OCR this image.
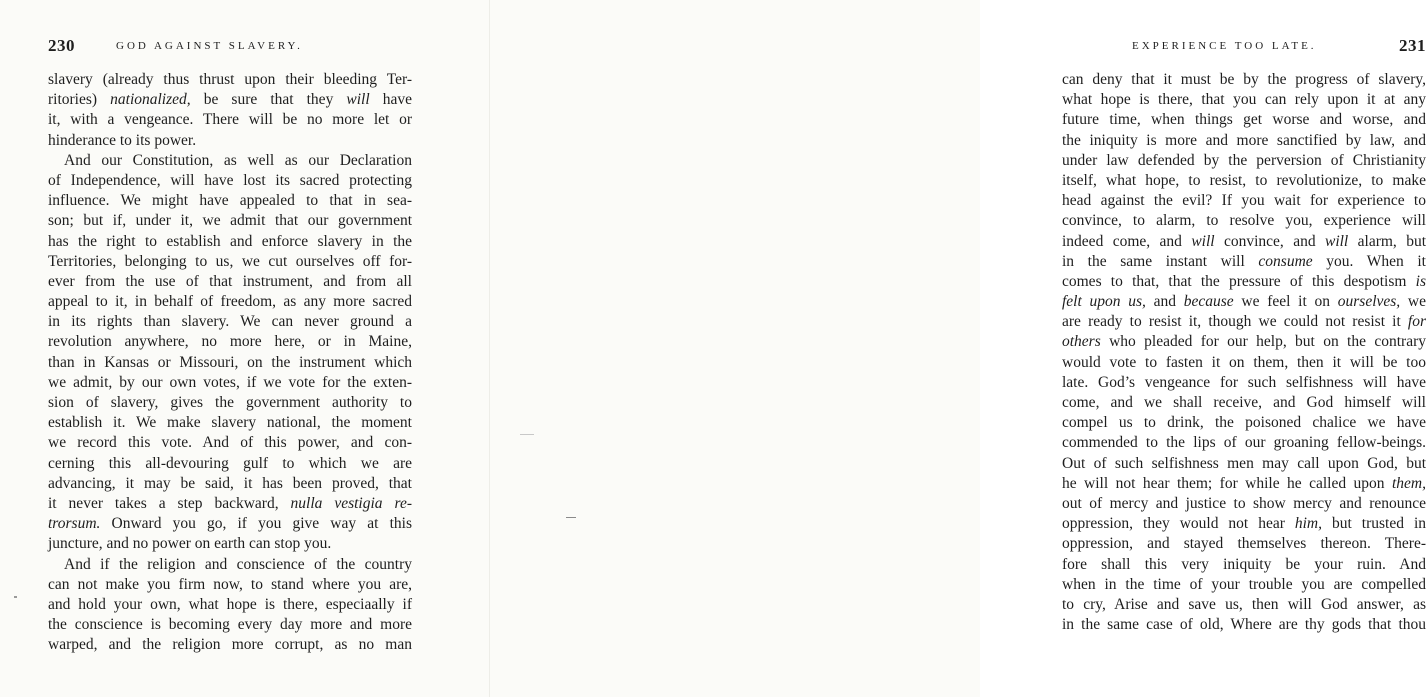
230	GOD AGAINST SLAVERY.
slavery (already thus thrust upon their bleeding Ter-
ritories) nationalized, be sure that they will have
it, with a vengeance. There will be no more let or
hinderance to its power.
And our Constitution, as well as our Declaration
of Independence, will have lost its sacred protecting
influence. We might have appealed to that in sea-
son; but if, under it, we admit that our government
has the right to establish and enforce slavery in the
Territories, belonging to us, we cut ourselves off for-
ever from the use of that instrument, and from all
appeal to it, in behalf of freedom, as any more sacred
in its rights than slavery. We can never ground a
revolution anywhere, no more here, or in Maine,
than in Kansas or Missouri, on the instrument which
we admit, by our own votes, if we vote for the exten-
sion of slavery, gives the government authority to
establish it. We make slavery national, the moment
we record this vote. And of this power, and con-
cerning this all-devouring gulf to which we are
advancing, it may be said, it has been proved, that
it never takes a step backward, nulla vestigia re-
trorsum. Onward you go, if you give way at this
juncture, and no power on earth can stop you.
And if the religion and conscience of the country
can not make you firm now, to stand where you are,
and hold your own, what hope is there, especiaally if
the conscience is becoming every day more and more
warped, and the religion more corrupt, as no man
231
EXPERIENCE TOO LATE.
can deny that it must be by the progress of slavery,
what hope is there, that you can rely upon it at any
future time, when things get worse and worse, and
the iniquity is more and more sanctified by law, and
under law defended by the perversion of Christianity
itself, what hope, to resist, to revolutionize, to make
head against the evil? If you wait for experience to
convince, to alarm, to resolve you, experience will
indeed come, and will convince, and will alarm, but
in the same instant will consume you. When it
comes to that, that the pressure of this despotism is
felt upon us, and because we feel it on ourselves, we
are ready to resist it, though we could not resist it for
others who pleaded for our help, but on the contrary
would vote to fasten it on them, then it will be too
late. God’s vengeance for such selfishness will have
come, and we shall receive, and God himself will
compel us to drink, the poisoned chalice we have
commended to the lips of our groaning fellow-beings.
Out of such selfishness men may call upon God, but
he will not hear them; for while he called upon them,
out of mercy and justice to show mercy and renounce
oppression, they would not hear him, but trusted in
oppression, and stayed themselves thereon. There-
fore shall this very iniquity be your ruin. And
when in the time of your trouble you are compelled
to cry, Arise and save us, then will God answer, as
in the same case of old, Where are thy gods that thou
